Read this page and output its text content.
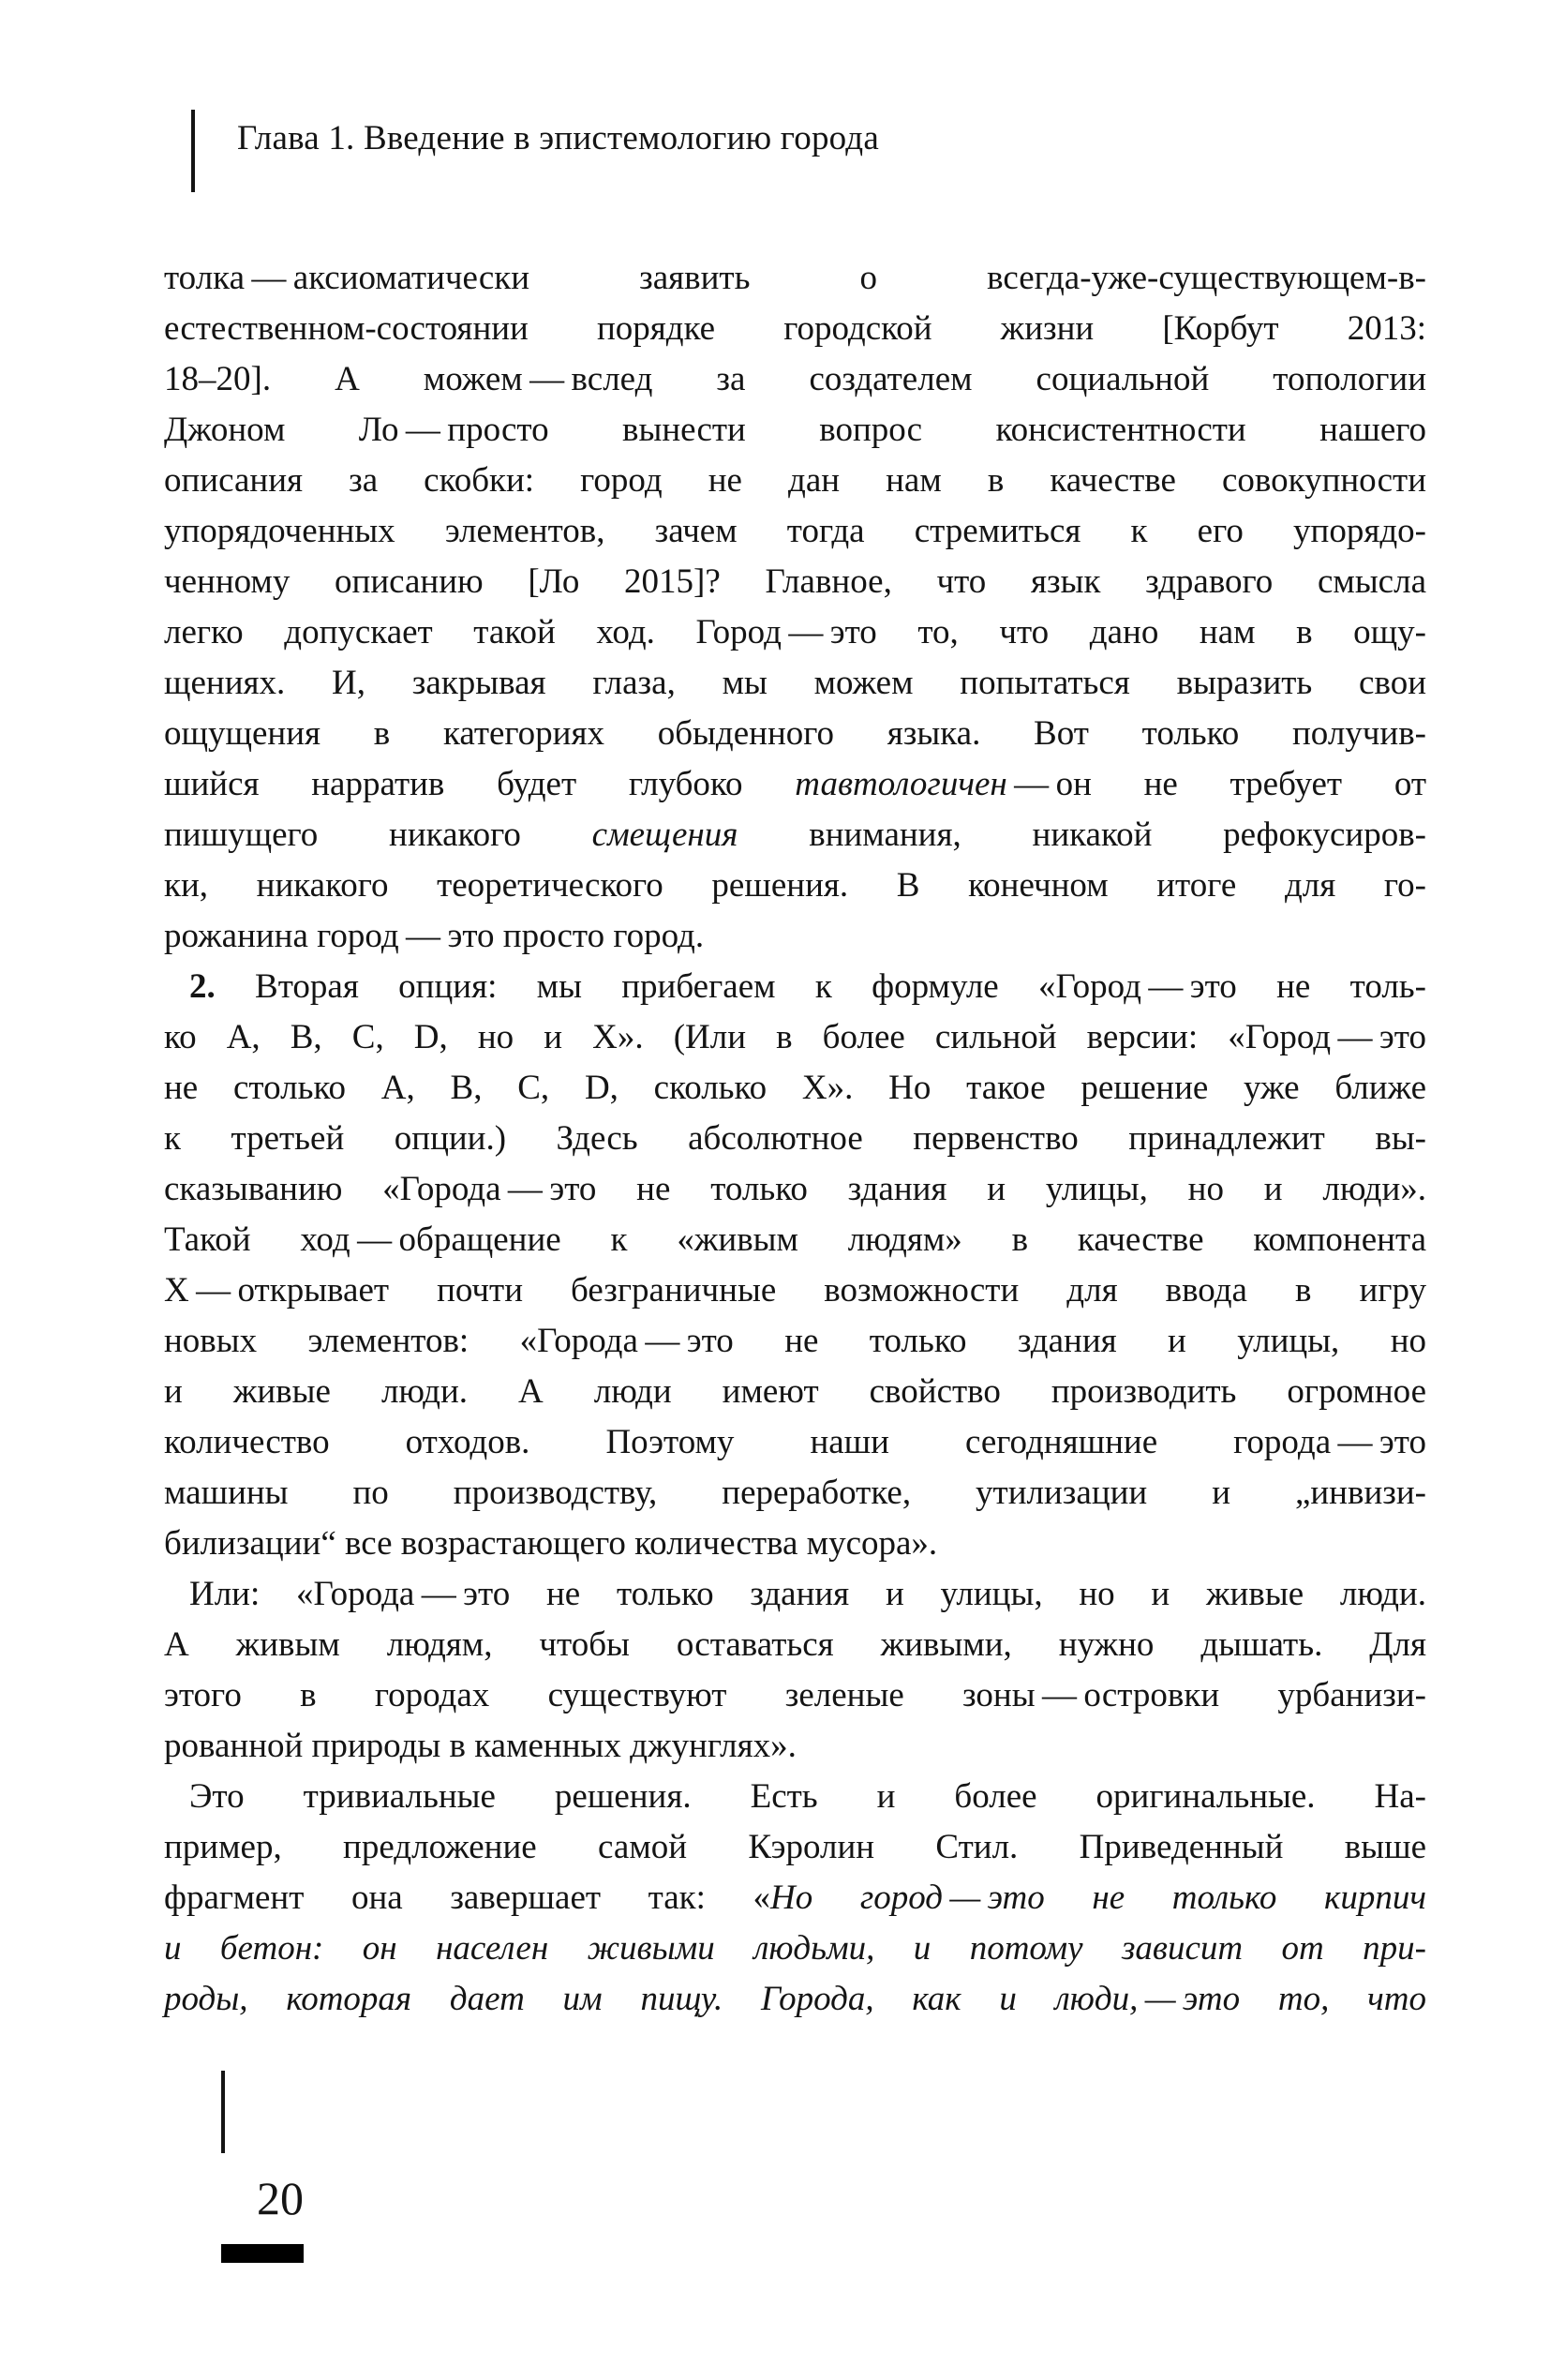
Глава 1. Введение в эпистемологию города
толка — аксиоматически заявить о всегда-уже-существующем-в-
естественном-состоянии порядке городской жизни [Корбут 2013:
18–20]. А можем — вслед за создателем социальной топологии
Джоном Ло — просто вынести вопрос консистентности нашего
описания за скобки: город не дан нам в качестве совокупности
упорядоченных элементов, зачем тогда стремиться к его упорядо-
ченному описанию [Ло 2015]? Главное, что язык здравого смысла
легко допускает такой ход. Город — это то, что дано нам в ощу-
щениях. И, закрывая глаза, мы можем попытаться выразить свои
ощущения в категориях обыденного языка. Вот только получив-
шийся нарратив будет глубоко тавтологичен — он не требует от
пишущего никакого смещения внимания, никакой рефокусиров-
ки, никакого теоретического решения. В конечном итоге для го-
рожанина город — это просто город.
2. Вторая опция: мы прибегаем к формуле «Город — это не толь-
ко A, B, C, D, но и X». (Или в более сильной версии: «Город — это
не столько A, B, C, D, сколько X». Но такое решение уже ближе
к третьей опции.) Здесь абсолютное первенство принадлежит вы-
сказыванию «Города — это не только здания и улицы, но и люди».
Такой ход — обращение к «живым людям» в качестве компонента
X — открывает почти безграничные возможности для ввода в игру
новых элементов: «Города — это не только здания и улицы, но
и живые люди. А люди имеют свойство производить огромное
количество отходов. Поэтому наши сегодняшние города — это
машины по производству, переработке, утилизации и „инвизи-
билизации“ все возрастающего количества мусора».
Или: «Города — это не только здания и улицы, но и живые люди.
А живым людям, чтобы оставаться живыми, нужно дышать. Для
этого в городах существуют зеленые зоны — островки урбанизи-
рованной природы в каменных джунглях».
Это тривиальные решения. Есть и более оригинальные. На-
пример, предложение самой Кэролин Стил. Приведенный выше
фрагмент она завершает так: «Но город — это не только кирпич
и бетон: он населен живыми людьми, и потому зависит от при-
роды, которая дает им пищу. Города, как и люди, — это то, что
20
